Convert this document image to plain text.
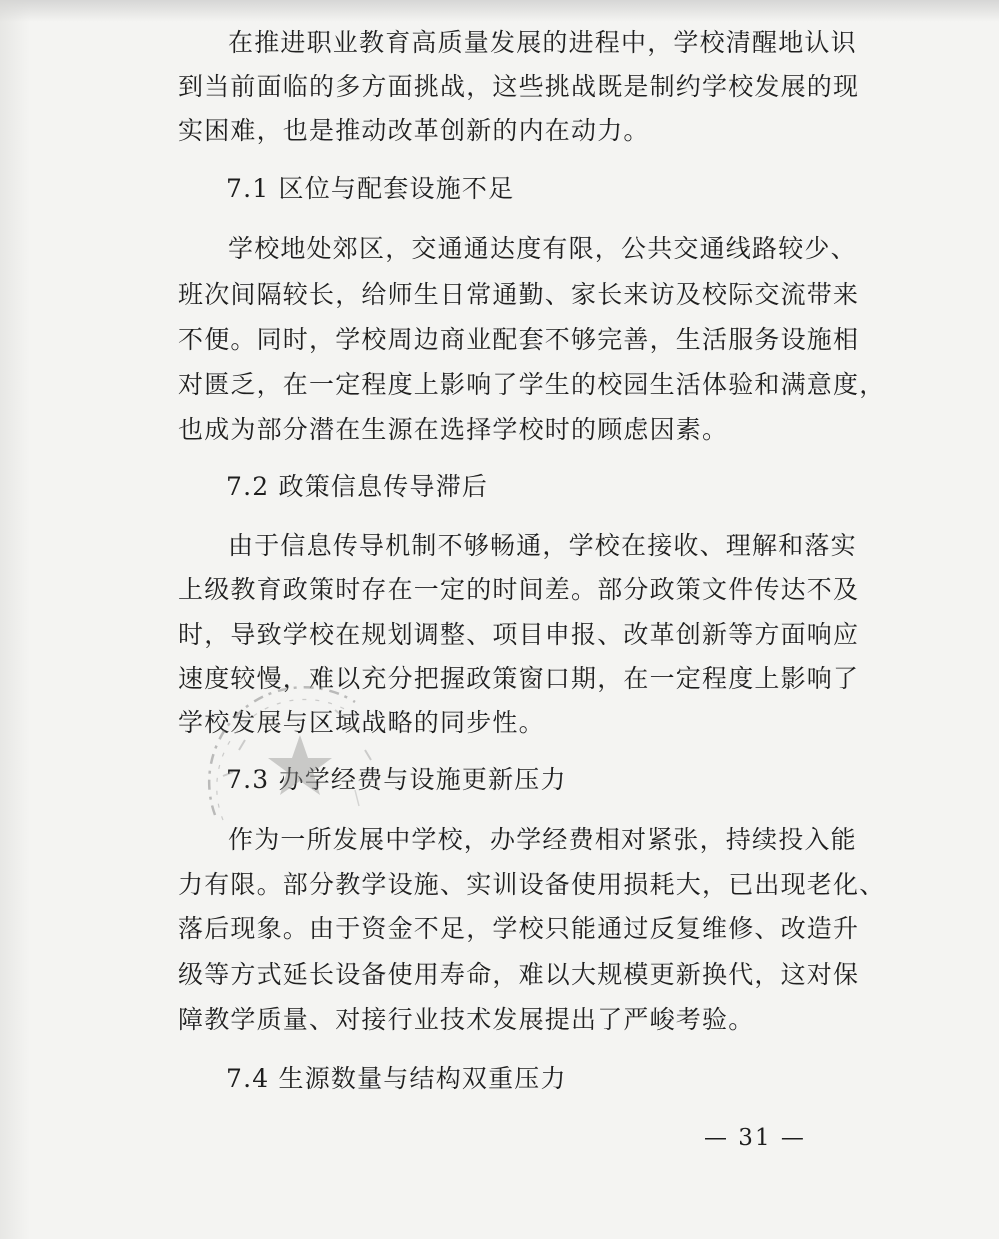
在推进职业教育高质量发展的进程中，学校清醒地认识
到当前面临的多方面挑战，这些挑战既是制约学校发展的现
实困难，也是推动改革创新的内在动力。
7.1 区位与配套设施不足
学校地处郊区，交通通达度有限，公共交通线路较少、
班次间隔较长，给师生日常通勤、家长来访及校际交流带来
不便。同时，学校周边商业配套不够完善，生活服务设施相
对匮乏，在一定程度上影响了学生的校园生活体验和满意度，
也成为部分潜在生源在选择学校时的顾虑因素。
7.2 政策信息传导滞后
由于信息传导机制不够畅通，学校在接收、理解和落实
上级教育政策时存在一定的时间差。部分政策文件传达不及
时，导致学校在规划调整、项目申报、改革创新等方面响应
速度较慢，难以充分把握政策窗口期，在一定程度上影响了
学校发展与区域战略的同步性。
7.3 办学经费与设施更新压力
作为一所发展中学校，办学经费相对紧张，持续投入能
力有限。部分教学设施、实训设备使用损耗大，已出现老化、
落后现象。由于资金不足，学校只能通过反复维修、改造升
级等方式延长设备使用寿命，难以大规模更新换代，这对保
障教学质量、对接行业技术发展提出了严峻考验。
7.4 生源数量与结构双重压力
— 31 —
